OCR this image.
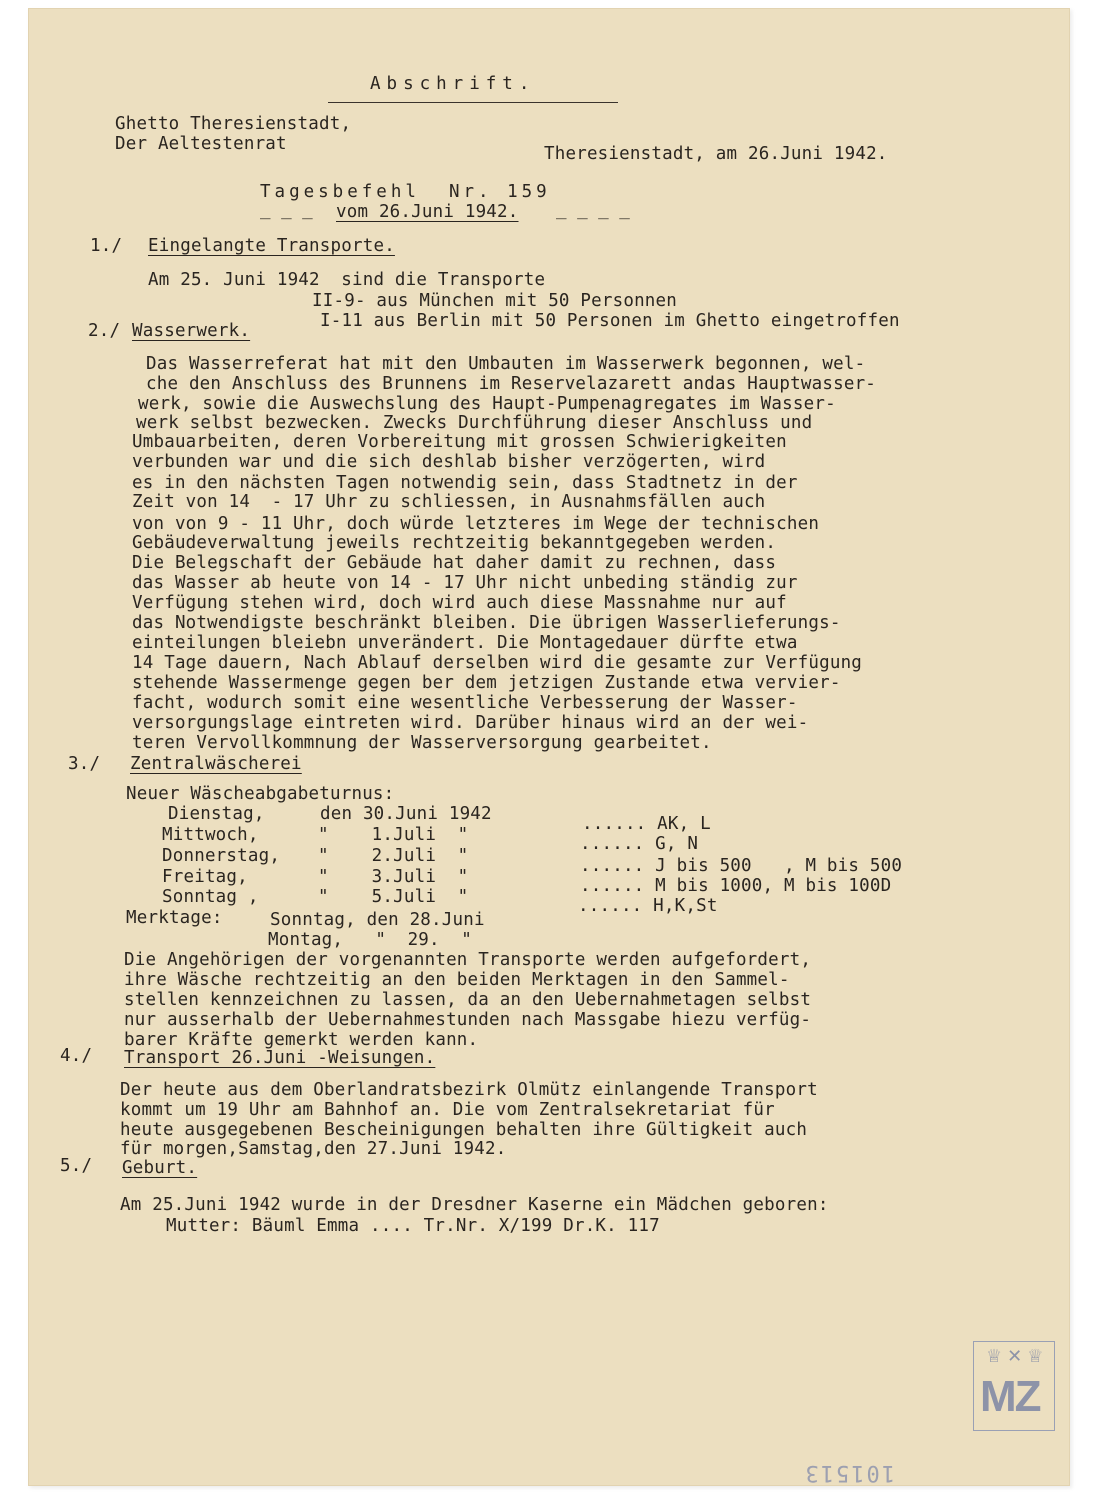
Abschrift.
Ghetto Theresienstadt,
Der Aeltestenrat	Theresienstadt, am 26.Juni 1942.
Tagesbefehl  Nr. 159
_ _ _ vom 26.Juni 1942. _ _ _ _
1./ Eingelangte Transporte.
Am 25. Juni 1942  sind die Transporte
II-9- aus München mit 50 Personnen
I-11 aus Berlin mit 50 Personen im Ghetto eingetroffen
2./ Wasserwerk.
Das Wasserreferat hat mit den Umbauten im Wasserwerk begonnen, wel-
che den Anschluss des Brunnens im Reservelazarett andas Hauptwasser-
werk, sowie die Auswechslung des Haupt-Pumpenagregates im Wasser-
werk selbst bezwecken. Zwecks Durchführung dieser Anschluss und
Umbauarbeiten, deren Vorbereitung mit grossen Schwierigkeiten
verbunden war und die sich deshlab bisher verzögerten, wird
es in den nächsten Tagen notwendig sein, dass Stadtnetz in der
Zeit von 14  - 17 Uhr zu schliessen, in Ausnahmsfällen auch
von von 9 - 11 Uhr, doch würde letzteres im Wege der technischen
Gebäudeverwaltung jeweils rechtzeitig bekanntgegeben werden.
Die Belegschaft der Gebäude hat daher damit zu rechnen, dass
das Wasser ab heute von 14 - 17 Uhr nicht unbeding ständig zur
Verfügung stehen wird, doch wird auch diese Massnahme nur auf
das Notwendigste beschränkt bleiben. Die übrigen Wasserlieferungs-
einteilungen bleiebn unverändert. Die Montagedauer dürfte etwa
14 Tage dauern, Nach Ablauf derselben wird die gesamte zur Verfügung
stehende Wassermenge gegen ber dem jetzigen Zustande etwa vervier-
facht, wodurch somit eine wesentliche Verbesserung der Wasser-
versorgungslage eintreten wird. Darüber hinaus wird an der wei-
teren Vervollkommnung der Wasserversorgung gearbeitet.
3./ Zentralwäscherei
Neuer Wäscheabgabeturnus:
Dienstag,	den 30.Juni 1942	...... AK, L
Mittwoch,	"    1.Juli  "	...... G, N
Donnerstag, "    2.Juli  "	...... J bis 500   , M bis 500
Freitag,	"    3.Juli  "	...... M bis 1000, M bis 100D
Sonntag ,	"    5.Juli  "	...... H,K,St
Merktage:	Sonntag, den 28.Juni
Montag,   "  29.  "
Die Angehörigen der vorgenannten Transporte werden aufgefordert,
ihre Wäsche rechtzeitig an den beiden Merktagen in den Sammel-
stellen kennzeichnen zu lassen, da an den Uebernahmetagen selbst
nur ausserhalb der Uebernahmestunden nach Massgabe hiezu verfüg-
barer Kräfte gemerkt werden kann.
4./ Transport 26.Juni -Weisungen.
Der heute aus dem Oberlandratsbezirk Olmütz einlangende Transport
kommt um 19 Uhr am Bahnhof an. Die vom Zentralsekretariat für
heute ausgegebenen Bescheinigungen behalten ihre Gültigkeit auch
für morgen,Samstag,den 27.Juni 1942.
5./ Geburt.
Am 25.Juni 1942 wurde in der Dresdner Kaserne ein Mädchen geboren:
Mutter: Bäuml Emma .... Tr.Nr. X/199 Dr.K. 117
♕ ✕ ♕
MZ
101513
